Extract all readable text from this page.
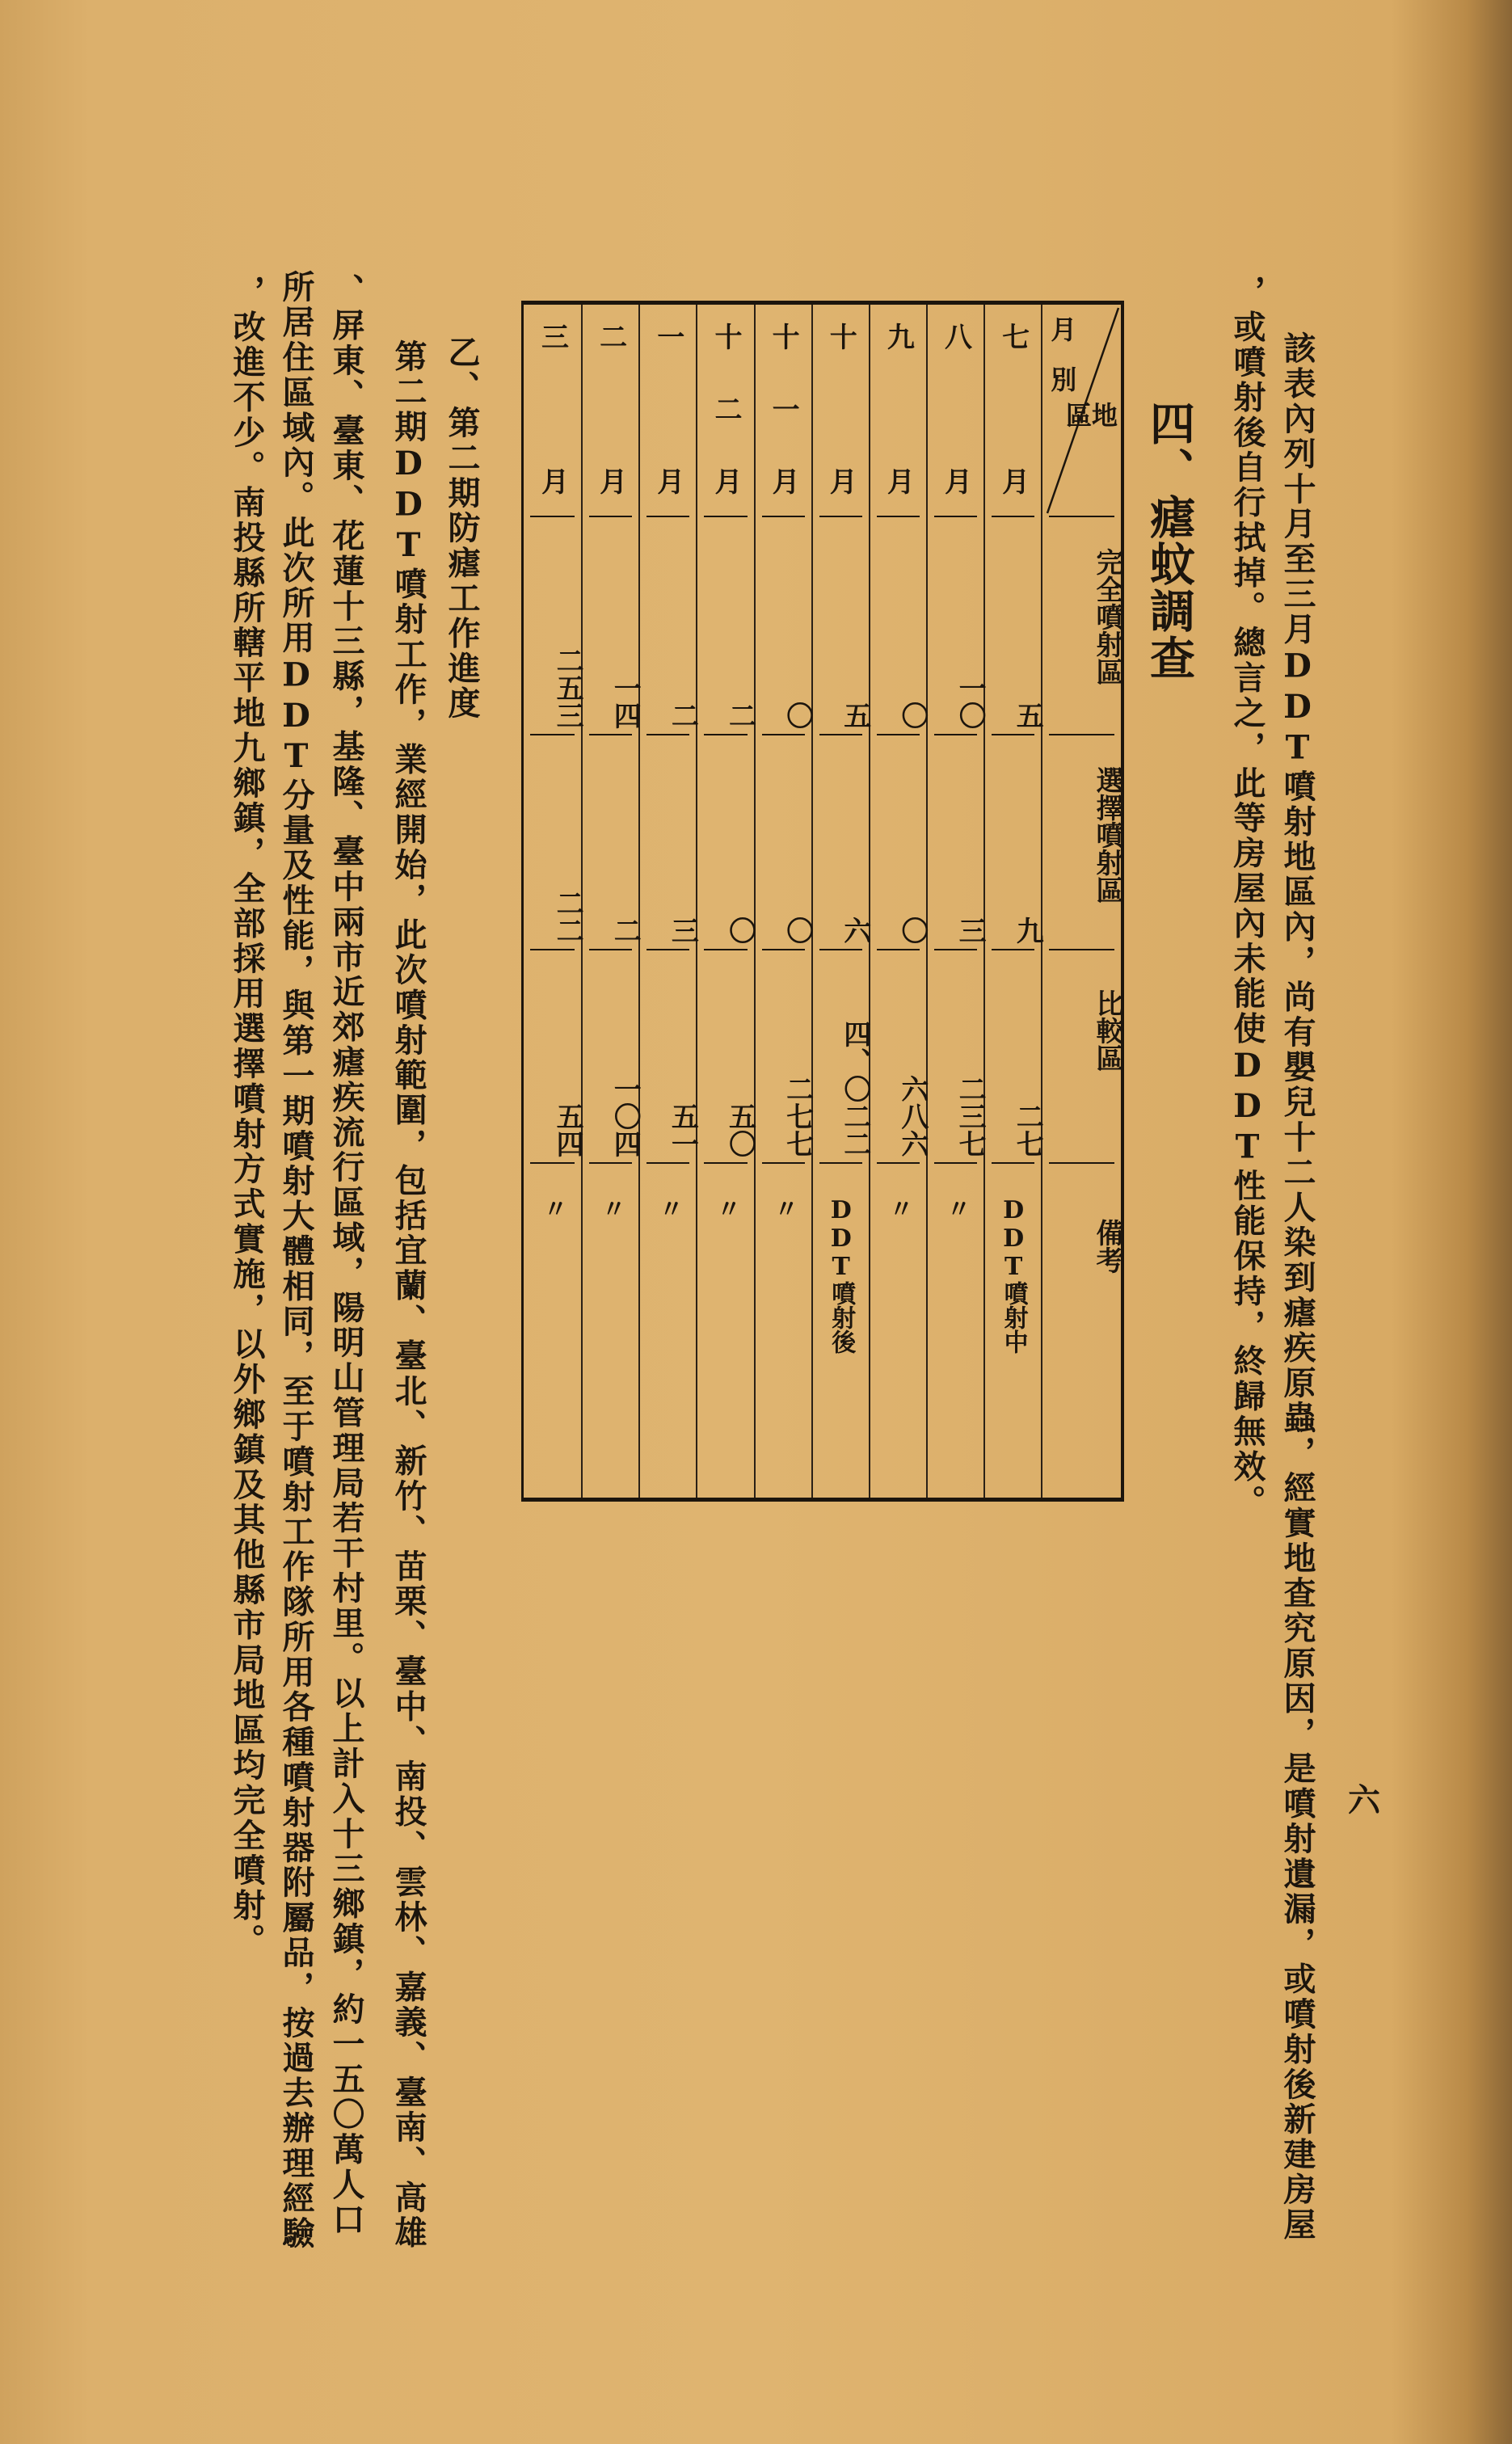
該表內列十月至三月DDT噴射地區內，尚有嬰兒十二人染到瘧疾原蟲，經實地查究原因，是噴射遺漏，或噴射後新建房屋
，或噴射後自行拭掉。總言之，此等房屋內未能使DDT性能保持，終歸無效。
四、瘧蚊調查
月別
地區
完全噴射區
選擇噴射區
比較區
備考
七月
五
九
二七
DDT噴射中
八月
一〇
三
二三七
〃
九月
〇
〇
六八六
〃
十月
五
六
四、〇二二
DDT噴射後
十一月
〇
〇
二七七
〃
十二月
二
〇
五〇
〃
一月
二
三
五一
〃
二月
一四
二
一〇四
〃
三月
二五三
二二
五四
〃
乙、第二期防瘧工作進度
第二期DDT噴射工作，業經開始，此次噴射範圍，包括宜蘭、臺北、新竹、苗栗、臺中、南投、雲林、嘉義、臺南、高雄
、屏東、臺東、花蓮十三縣，基隆、臺中兩市近郊瘧疾流行區域，陽明山管理局若干村里。以上計入十三鄉鎮，約一五〇萬人口
所居住區域內。此次所用DDT分量及性能，與第一期噴射大體相同，至于噴射工作隊所用各種噴射器附屬品，按過去辦理經驗
，改進不少。南投縣所轄平地九鄉鎮，全部採用選擇噴射方式實施，以外鄉鎮及其他縣市局地區均完全噴射。	六
